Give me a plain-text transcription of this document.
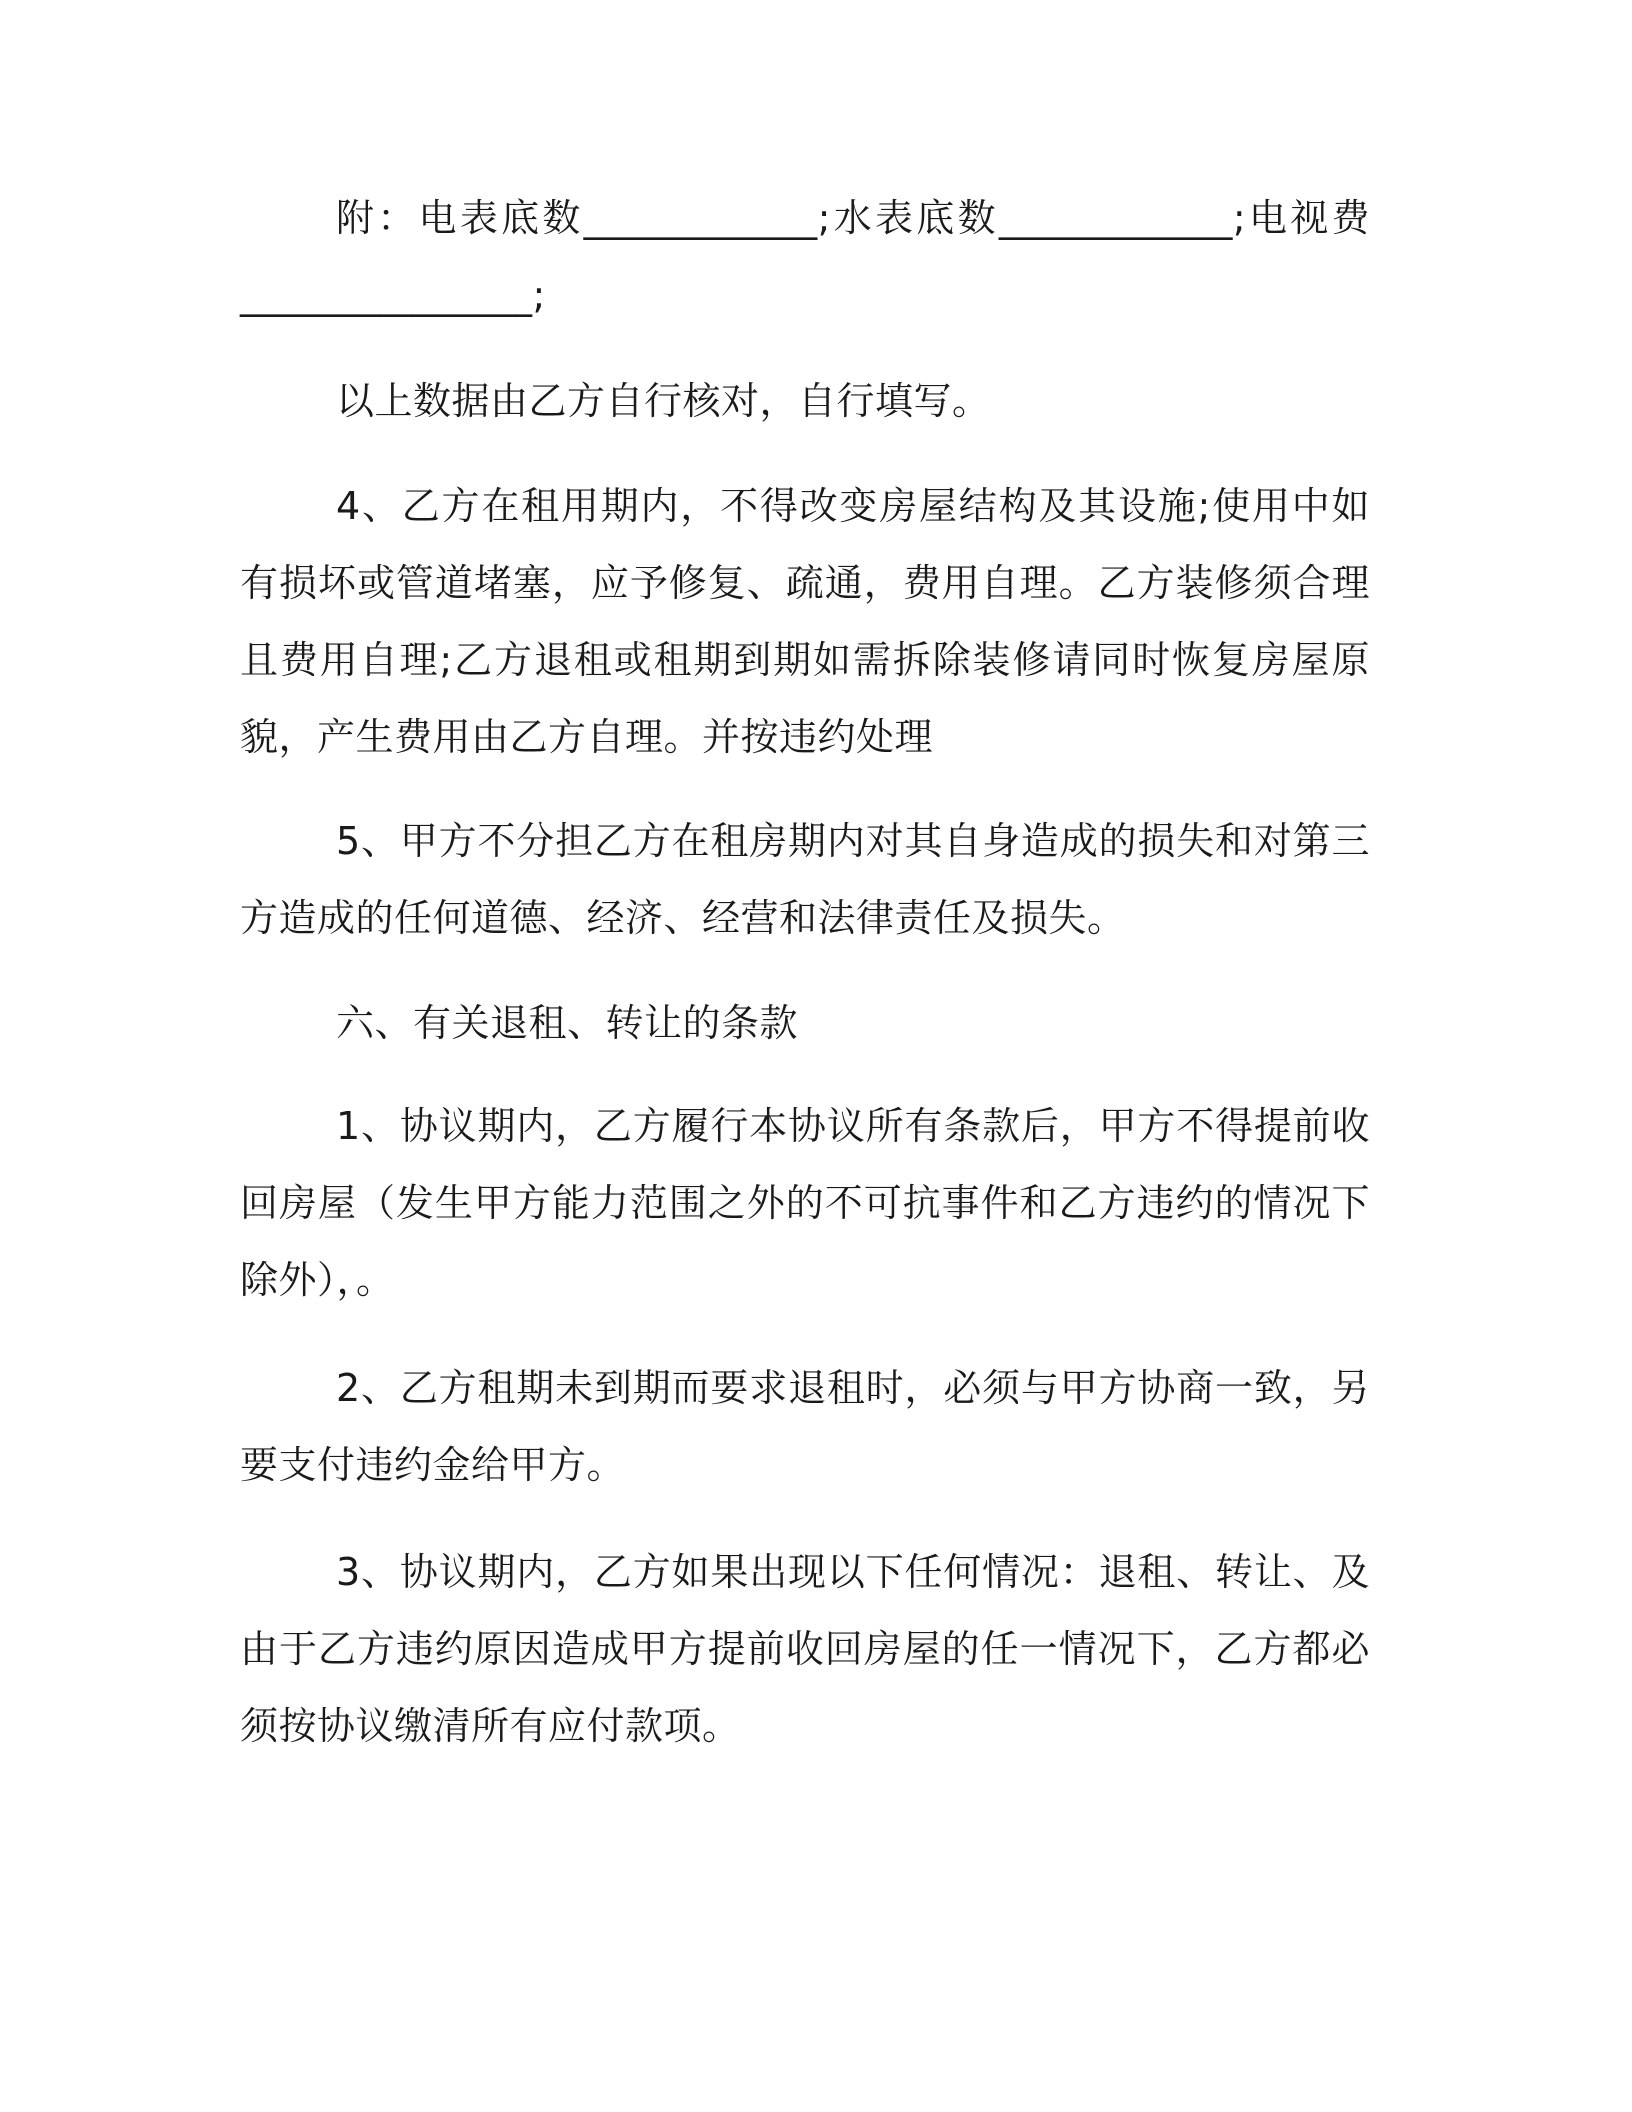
附：电表底数____________;水表底数____________;电视费_______________;

以上数据由乙方自行核对，自行填写。

4、乙方在租用期内，不得改变房屋结构及其设施;使用中如有损坏或管道堵塞，应予修复、疏通，费用自理。乙方装修须合理且费用自理;乙方退租或租期到期如需拆除装修请同时恢复房屋原貌，产生费用由乙方自理。并按违约处理

5、甲方不分担乙方在租房期内对其自身造成的损失和对第三方造成的任何道德、经济、经营和法律责任及损失。

六、有关退租、转让的条款

1、协议期内，乙方履行本协议所有条款后，甲方不得提前收回房屋（发生甲方能力范围之外的不可抗事件和乙方违约的情况下除外），。

2、乙方租期未到期而要求退租时，必须与甲方协商一致，另要支付违约金给甲方。

3、协议期内，乙方如果出现以下任何情况：退租、转让、及由于乙方违约原因造成甲方提前收回房屋的任一情况下，乙方都必须按协议缴清所有应付款项。
